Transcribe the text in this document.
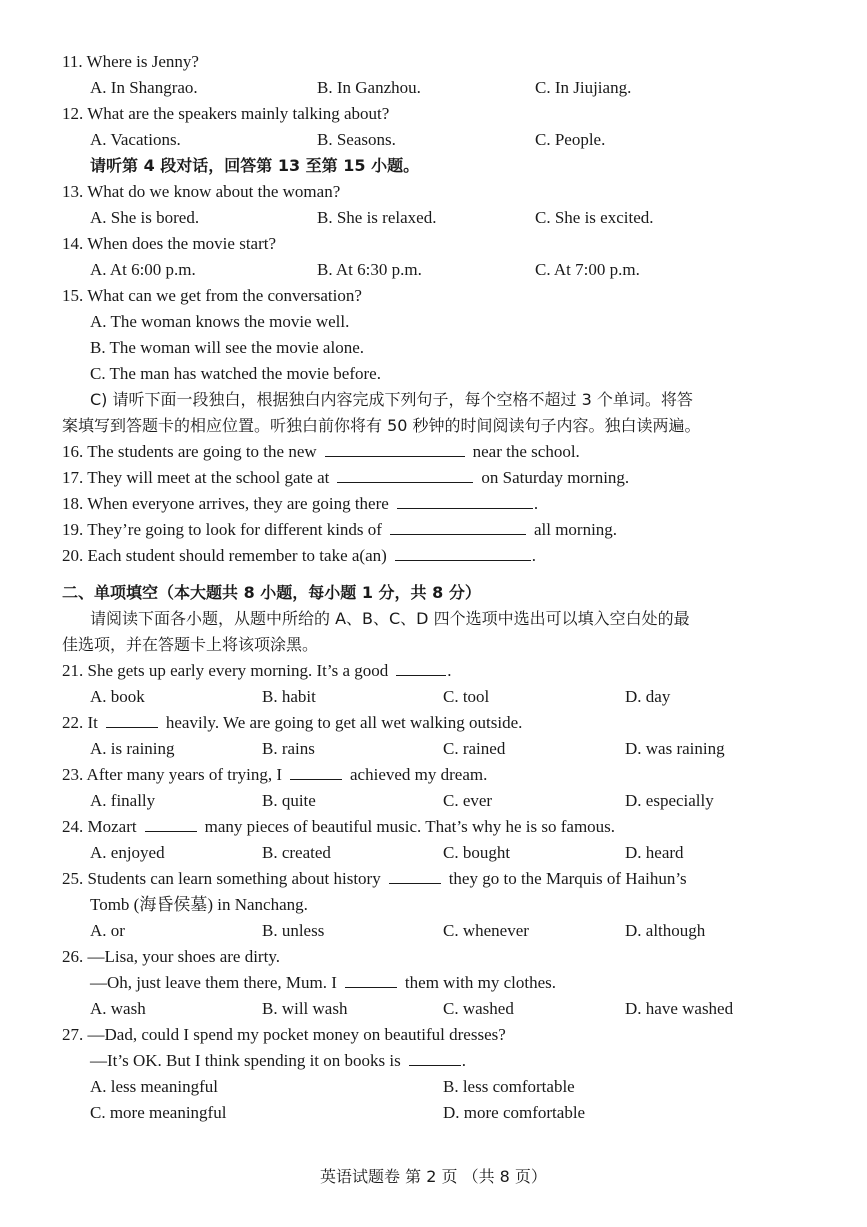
11. Where is Jenny?
A. In Shangrao.	B. In Ganzhou.	C. In Jiujiang.
12. What are the speakers mainly talking about?
A. Vacations.	B. Seasons.	C. People.
请听第 4 段对话，回答第 13 至第 15 小题。
13. What do we know about the woman?
A. She is bored.	B. She is relaxed.	C. She is excited.
14. When does the movie start?
A. At 6:00 p.m.	B. At 6:30 p.m.	C. At 7:00 p.m.
15. What can we get from the conversation?
A. The woman knows the movie well.
B. The woman will see the movie alone.
C. The man has watched the movie before.
C) 请听下面一段独白，根据独白内容完成下列句子，每个空格不超过 3 个单词。将答
案填写到答题卡的相应位置。听独白前你将有 50 秒钟的时间阅读句子内容。独白读两遍。
16. The students are going to the new	near the school.
17. They will meet at the school gate at	on Saturday morning.
18. When everyone arrives, they are going there	.
19. They’re going to look for different kinds of	all morning.
20. Each student should remember to take a(an)	.
二、单项填空（本大题共 8 小题，每小题 1 分，共 8 分）
请阅读下面各小题，从题中所给的 A、B、C、D 四个选项中选出可以填入空白处的最
佳选项，并在答题卡上将该项涂黑。
21. She gets up early every morning. It’s a good	.
A. book	B. habit	C. tool	D. day
22. It	heavily. We are going to get all wet walking outside.
A. is raining	B. rains	C. rained	D. was raining
23. After many years of trying, I	achieved my dream.
A. finally	B. quite	C. ever	D. especially
24. Mozart	many pieces of beautiful music. That’s why he is so famous.
A. enjoyed	B. created	C. bought	D. heard
25. Students can learn something about history	they go to the Marquis of Haihun’s
Tomb (海昏侯墓) in Nanchang.
A. or	B. unless	C. whenever	D. although
26. —Lisa, your shoes are dirty.
—Oh, just leave them there, Mum. I	them with my clothes.
A. wash	B. will wash	C. washed	D. have washed
27. —Dad, could I spend my pocket money on beautiful dresses?
—It’s OK. But I think spending it on books is	.
A. less meaningful	B. less comfortable
C. more meaningful	D. more comfortable
英语试题卷 第 2 页 （共 8 页）
